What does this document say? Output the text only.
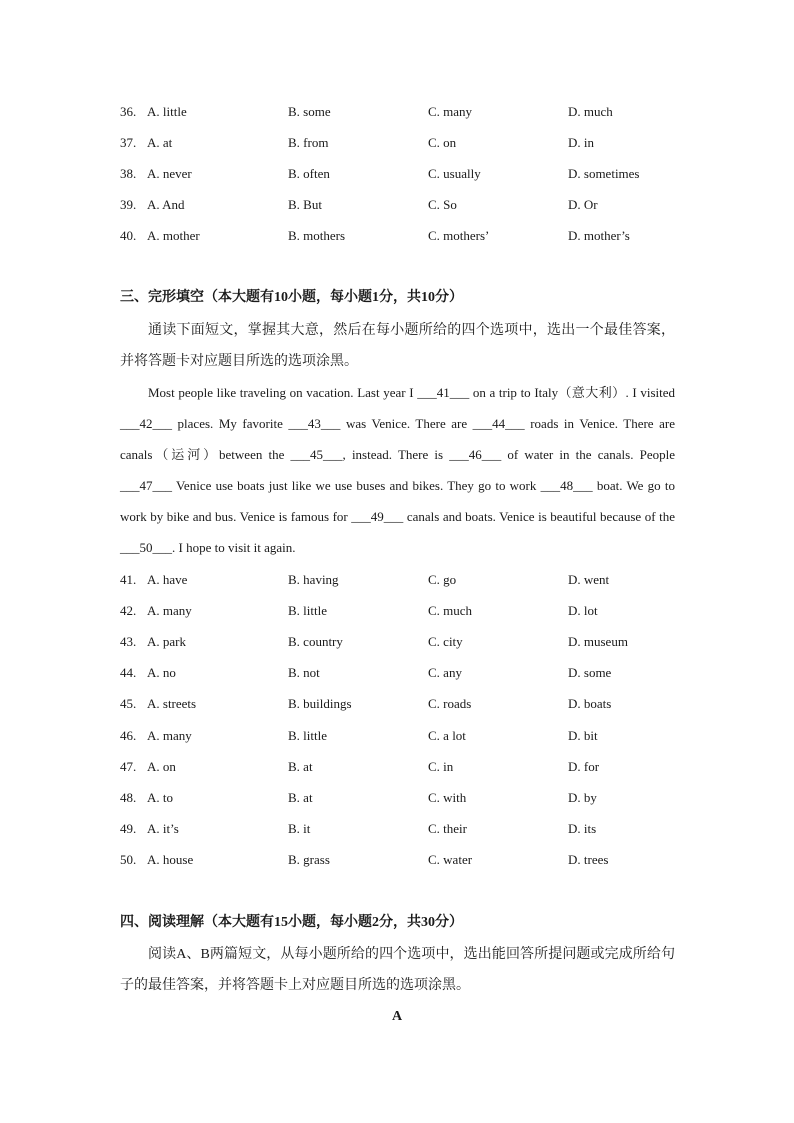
36. A. little	B. some	C. many	D. much
37. A. at	B. from	C. on	D. in
38. A. never	B. often	C. usually	D. sometimes
39. A. And	B. But	C. So	D. Or
40. A. mother	B. mothers	C. mothers’	D. mother’s
三、完形填空（本大题有10小题，每小题1分，共10分）

通读下面短文，掌握其大意，然后在每小题所给的四个选项中，选出一个最佳答案，并将答题卡对应题目所选的选项涂黑。

Most people like traveling on vacation. Last year I ___41___ on a trip to Italy（意大利）. I visited ___42___ places. My favorite ___43___ was Venice. There are ___44___ roads in Venice. There are canals（运河）between the ___45___, instead. There is ___46___ of water in the canals. People ___47___ Venice use boats just like we use buses and bikes. They go to work ___48___ boat. We go to work by bike and bus. Venice is famous for ___49___ canals and boats. Venice is beautiful because of the ___50___. I hope to visit it again.

41. A. have	B. having	C. go	D. went
42. A. many	B. little	C. much	D. lot
43. A. park	B. country	C. city	D. museum
44. A. no	B. not	C. any	D. some
45. A. streets	B. buildings	C. roads	D. boats
46. A. many	B. little	C. a lot	D. bit
47. A. on	B. at	C. in	D. for
48. A. to	B. at	C. with	D. by
49. A. it’s	B. it	C. their	D. its
50. A. house	B. grass	C. water	D. trees
四、阅读理解（本大题有15小题，每小题2分，共30分）

阅读A、B两篇短文，从每小题所给的四个选项中，选出能回答所提问题或完成所给句子的最佳答案，并将答题卡上对应题目所选的选项涂黑。

A
